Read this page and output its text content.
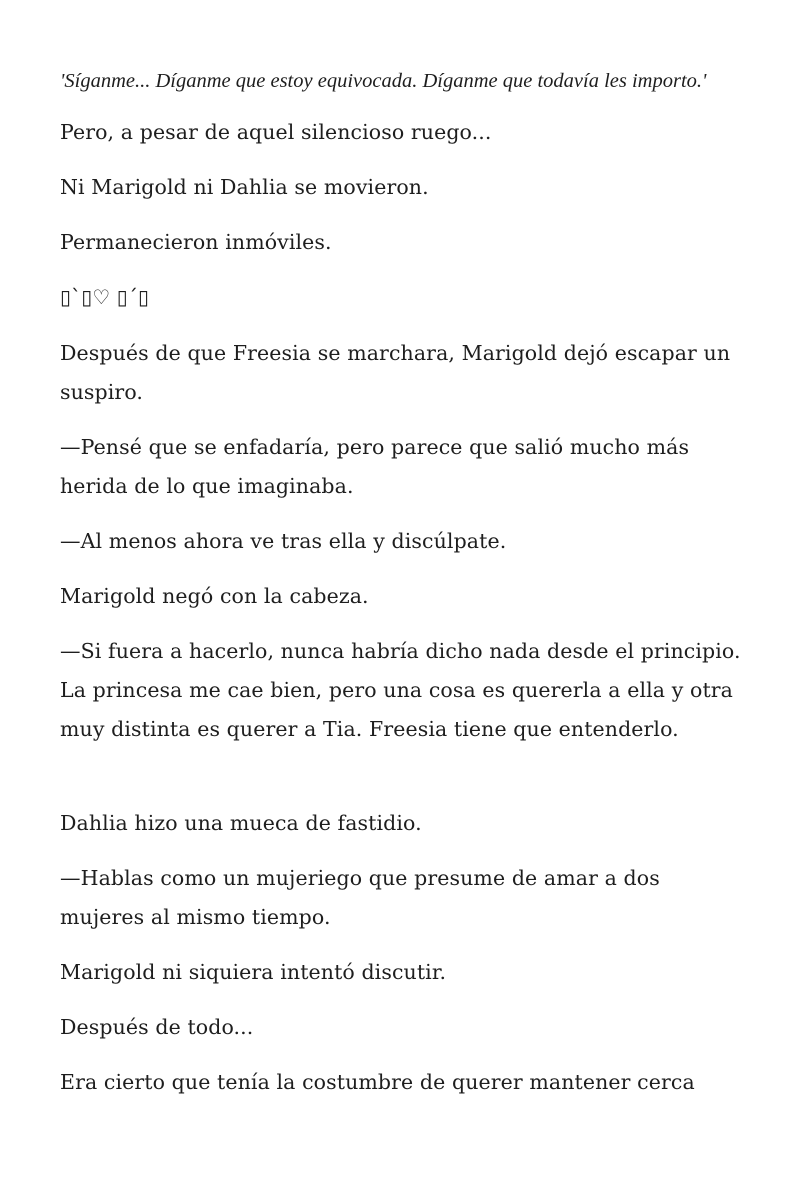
'Síganme... Díganme que estoy equivocada. Díganme que todavía les importo.'

Pero, a pesar de aquel silencioso ruego...

Ni Marigold ni Dahlia se movieron.

Permanecieron inmóviles.

▯`▯♡ ▯´▯

Después de que Freesia se marchara, Marigold dejó escapar un suspiro.

—Pensé que se enfadaría, pero parece que salió mucho más herida de lo que imaginaba.

—Al menos ahora ve tras ella y discúlpate.

Marigold negó con la cabeza.

—Si fuera a hacerlo, nunca habría dicho nada desde el principio. La princesa me cae bien, pero una cosa es quererla a ella y otra muy distinta es querer a Tia. Freesia tiene que entenderlo.

Dahlia hizo una mueca de fastidio.

—Hablas como un mujeriego que presume de amar a dos mujeres al mismo tiempo.

Marigold ni siquiera intentó discutir.

Después de todo...

Era cierto que tenía la costumbre de querer mantener cerca
